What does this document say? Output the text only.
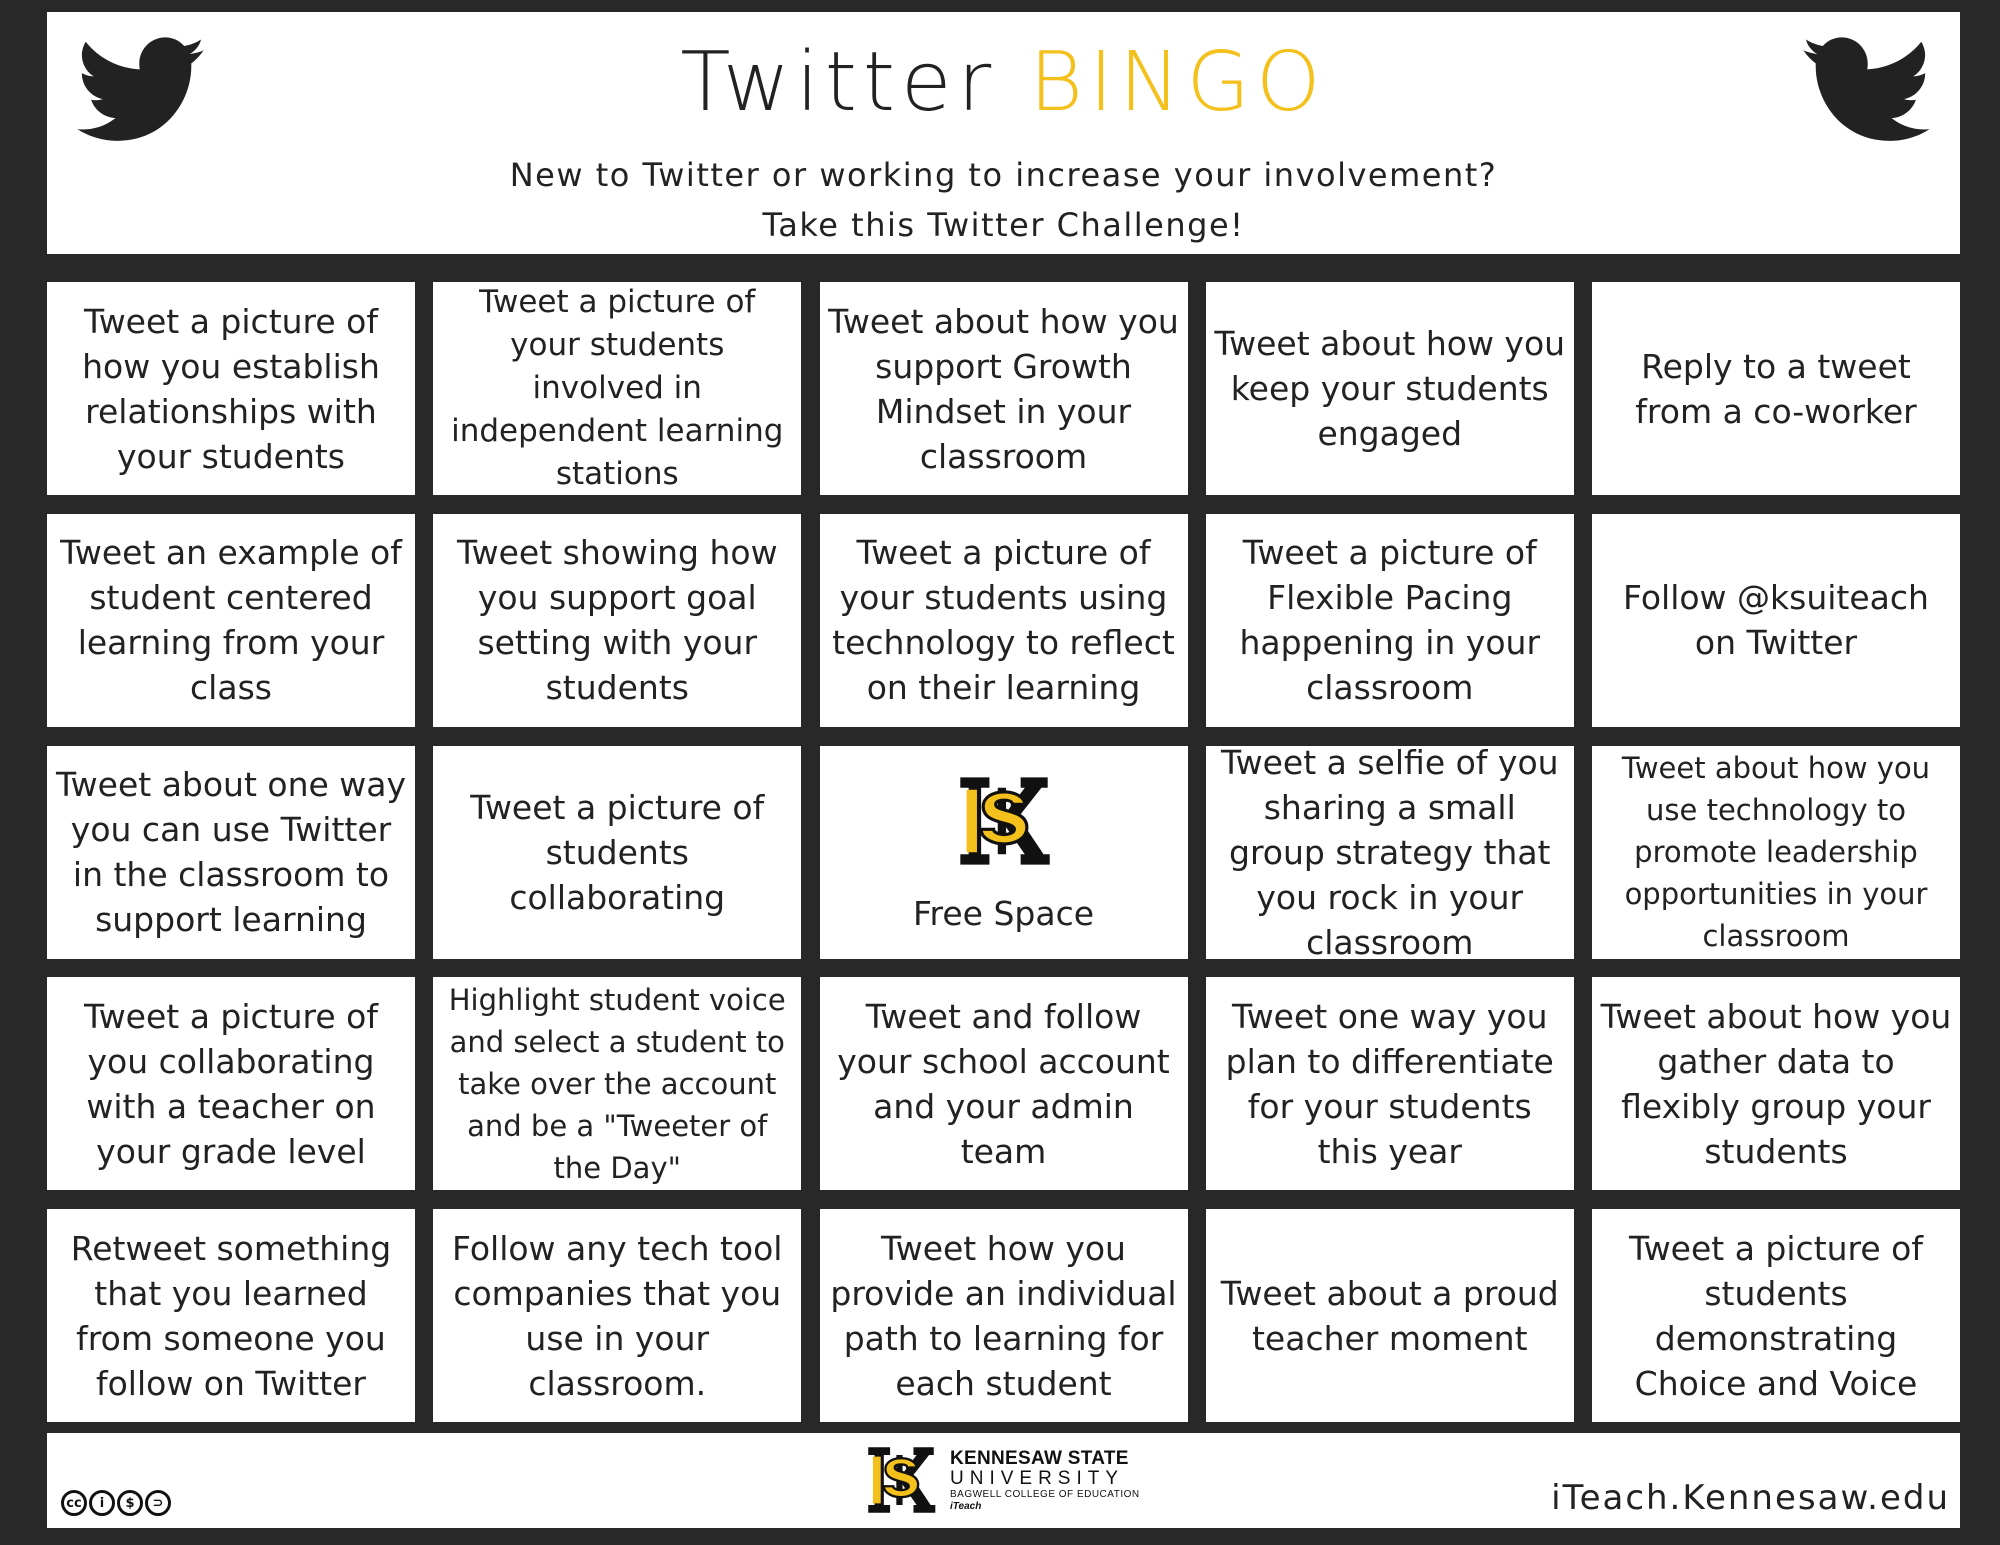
Twitter BINGO
New to Twitter or working to increase your involvement?
Take this Twitter Challenge!
Tweet a picture of how you establish relationships with your students
Tweet a picture of your students involved in independent learning stations
Tweet about how you support Growth Mindset in your classroom
Tweet about how you keep your students engaged
Reply to a tweet from a co-worker
Tweet an example of student centered learning from your class
Tweet showing how you support goal setting with your students
Tweet a picture of your students using technology to reflect on their learning
Tweet a picture of Flexible Pacing happening in your classroom
Follow @ksuiteach on Twitter
Tweet about one way you can use Twitter in the classroom to support learning
Tweet a picture of students collaborating	Free Space
Tweet a selfie of you sharing a small group strategy that you rock in your classroom
Tweet about how you use technology to promote leadership opportunities in your classroom
Tweet a picture of you collaborating with a teacher on your grade level
Highlight student voice and select a student to take over the account and be a "Tweeter of the Day"
Tweet and follow your school account and your admin team
Tweet one way you plan to differentiate for your students this year
Tweet about how you gather data to flexibly group your students
Retweet something that you learned from someone you follow on Twitter
Follow any tech tool companies that you use in your classroom.
Tweet how you provide an individual path to learning for each student
Tweet about a proud teacher moment
Tweet a picture of students demonstrating Choice and Voice
cc	i	$	⊃
KENNESAW STATE
UNIVERSITY
BAGWELL COLLEGE OF EDUCATION
iTeach	iTeach.Kennesaw.edu
